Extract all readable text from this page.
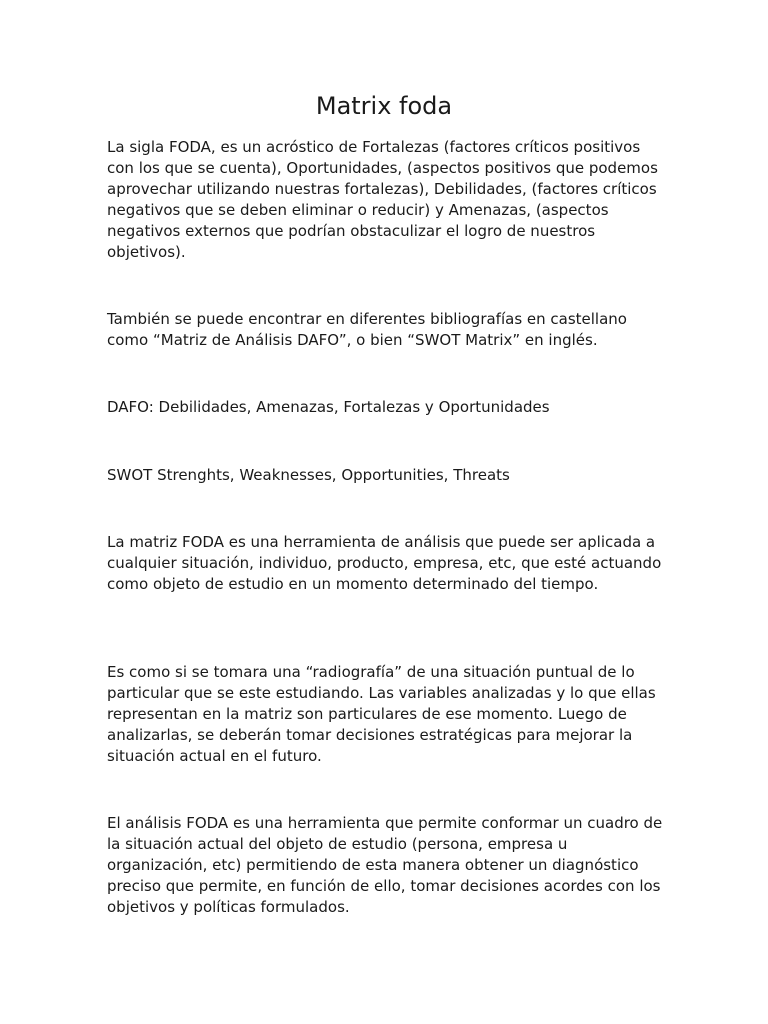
Matrix foda

La sigla FODA, es un acróstico de Fortalezas (factores críticos positivos con los que se cuenta), Oportunidades, (aspectos positivos que podemos aprovechar utilizando nuestras fortalezas), Debilidades, (factores críticos negativos que se deben eliminar o reducir) y Amenazas, (aspectos negativos externos que podrían obstaculizar el logro de nuestros objetivos).

También se puede encontrar en diferentes bibliografías en castellano como “Matriz de Análisis DAFO”, o bien “SWOT Matrix” en inglés.

DAFO: Debilidades, Amenazas, Fortalezas y Oportunidades

SWOT Strenghts, Weaknesses, Opportunities, Threats

La matriz FODA es una herramienta de análisis que puede ser aplicada a cualquier situación, individuo, producto, empresa, etc, que esté actuando como objeto de estudio en un momento determinado del tiempo.

Es como si se tomara una “radiografía” de una situación puntual de lo particular que se este estudiando. Las variables analizadas y lo que ellas representan en la matriz son particulares de ese momento. Luego de analizarlas, se deberán tomar decisiones estratégicas para mejorar la situación actual en el futuro.

El análisis FODA es una herramienta que permite conformar un cuadro de la situación actual del objeto de estudio (persona, empresa u organización, etc) permitiendo de esta manera obtener un diagnóstico preciso que permite, en función de ello, tomar decisiones acordes con los objetivos y políticas formulados.
